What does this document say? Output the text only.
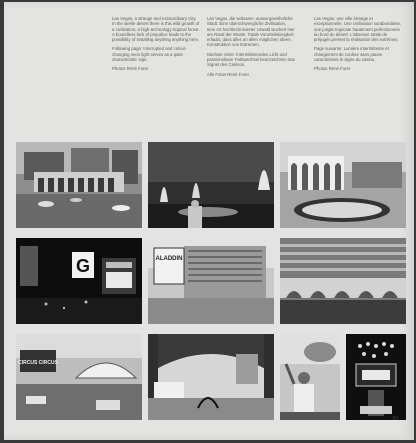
Las Vegas, a strange and extraordinary City. In the sterile desert there is this wild growth of a civilization, a high-technology tropical forest. A boundless lack of prejudice leads to the possibility of installing anything anything here.

Following page: Interrupted and colour-changing neon light serves as a quite characteristic sign.

Photos René Furer

Las Vegas, die seltsame, aussergewöhnliche Stadt. Eine überschwengliche Zivilisation, eine Art hochtechnisierter Urwald wuchert hier am Rand der Wüste. Totale Vorurteilslosigkeit erlaubt, dass alles an allen möglichen Ideen, Konstruktion von Extremen.

Nächste Seite: Intermittierendes Licht und passionsfaser Farbwechsel kennzeichnen das Signet des Casinos.

Alle Fotos René Furer

Las Vegas, une ville étrange et exceptionnelle. Une civilisation surabondante, une jungle tropicale hautement perfectionnée au bord du désert. L'absence totale de préjugés permet la réalisation des extrêmes.

Page suivante: Lumière intermittente et changement de couleur sans pause caractérisent le signe du casino.

Photos René Furer

G	ALADDIN
CIRCUS CIRCUS
90
